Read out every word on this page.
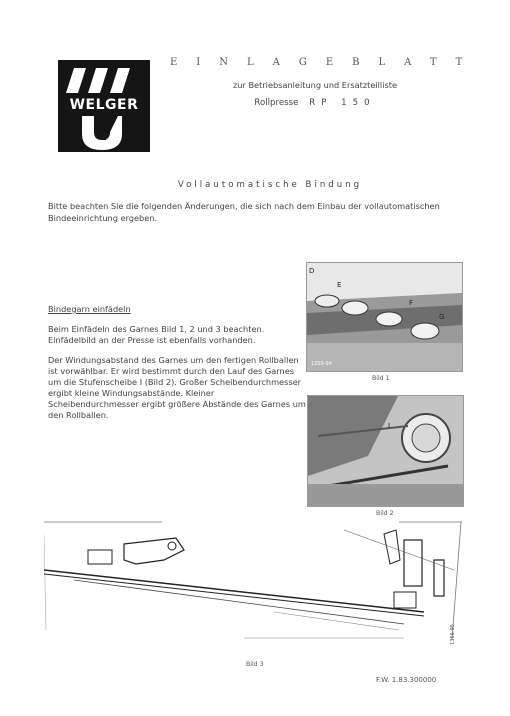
WELGER
EINLAGEBLATT
zur Betriebsanleitung und Ersatzteilliste
Rollpresse RP 150
Vollautomatische Bindung
Bitte beachten Sie die folgenden Änderungen, die sich nach dem Einbau der vollautomatischen Bindeeinrichtung ergeben.
Bindegarn einfädeln
Beim Einfädeln des Garnes Bild 1, 2 und 3 beachten. Einfädelbild an der Presse ist ebenfalls vorhanden.
Der Windungsabstand des Garnes um den fertigen Rollballen ist vorwählbar. Er wird bestimmt durch den Lauf des Garnes um die Stufenscheibe I (Bild 2). Großer Scheibendurchmesser ergibt kleine Windungsabstände. Kleiner Scheibendurchmesser ergibt größere Abstände des Garnes um den Rollballen.
D
E
F
G
1355-94
Bild 1
I
Bild 2
1356-95
Bild 3
F.W. 1.83.300000
